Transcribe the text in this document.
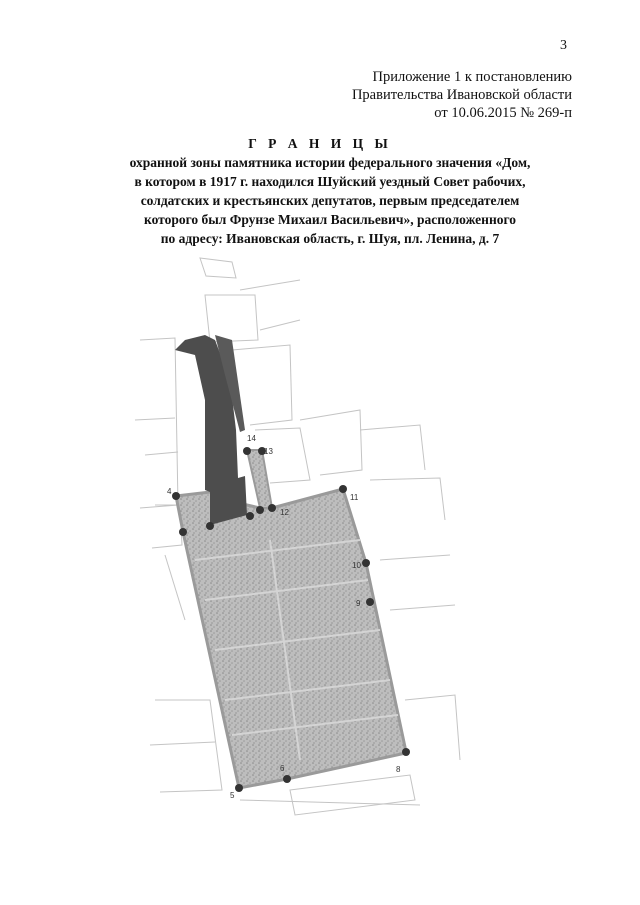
3
Приложение 1 к постановлению
Правительства Ивановской области
от 10.06.2015 № 269-п
Г Р А Н И Ц Ы
охранной зоны памятника истории федерального значения «Дом,
в котором в 1917 г. находился Шуйский уездный Совет рабочих,
солдатских и крестьянских депутатов, первым председателем
которого был Фрунзе Михаил Васильевич», расположенного
по адресу: Ивановская область, г. Шуя, пл. Ленина, д. 7
14
13
4
11
12
10
9
8
6
5
